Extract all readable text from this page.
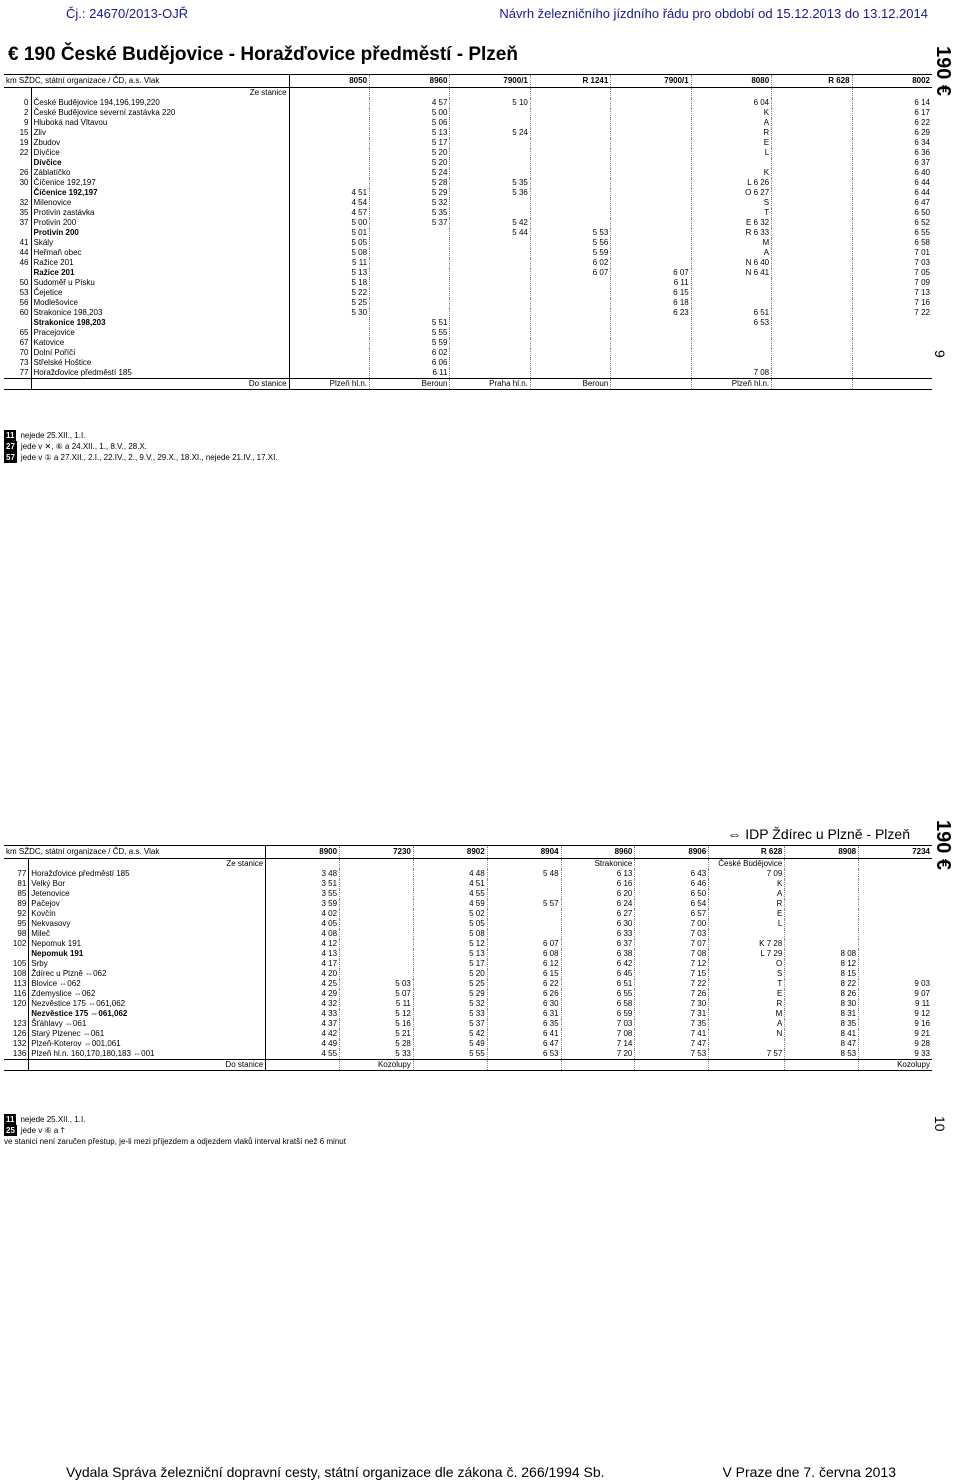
Čj.: 24670/2013-OJŘ	Návrh železničního jízdního řádu pro období od 15.12.2013 do 13.12.2014
€ 190 České Budějovice - Horažďovice předměstí - Plzeň	190 €
9
190 €
10
⇔ IDP Ždírec u Plzně - Plzeň
km SŽDC, státní organizace / ČD, a.s. Vlak		8050	8960	7900/1	R 1241	7900/1	8080	R 628	8002
	Ze stanice								
0	České Budějovice 194,196,199,220		4 57	5 10			6 04		6 14
2	České Budějovice severní zastávka 220		5 00				K		6 17
9	Hluboká nad Vltavou		5 06				A		6 22
15	Zliv		5 13	5 24			R		6 29
19	Zbudov		5 17				E		6 34
22	Dívčice		5 20				L		6 36
	Dívčice		5 20						6 37
26	Záblatíčko		5 24				K		6 40
30	Číčenice 192,197		5 28	5 35			L 6 26		6 44
	Číčenice 192,197	4 51	5 29	5 36			O 6 27		6 44
32	Milenovice	4 54	5 32				S		6 47
35	Protivín zastávka	4 57	5 35				T		6 50
37	Protivín 200	5 00	5 37	5 42			E 6 32		6 52
	Protivín 200	5 01		5 44	5 53		R 6 33		6 55
41	Skály	5 05			5 56		M		6 58
44	Heřmaň obec	5 08			5 59		A		7 01
46	Ražice 201	5 11			6 02		N 6 40		7 03
	Ražice 201	5 13			6 07	6 07	N 6 41		7 05
50	Sudoměř u Písku	5 18				6 11			7 09
53	Čejetice	5 22				6 15			7 13
56	Modlešovice	5 25				6 18			7 16
60	Strakonice 198,203	5 30				6 23	6 51		7 22
	Strakonice 198,203		5 51				6 53		
65	Pracejovice		5 55						
67	Katovice		5 59						
70	Dolní Poříčí		6 02						
73	Střelské Hoštice		6 06						
77	Horažďovice předměstí 185		6 11				7 08		
	Do stanice	Plzeň hl.n.	Beroun	Praha hl.n.	Beroun		Plzeň hl.n.		
11 nejede 25.XII., 1.I.
27 jede v ✕, ⑥ a 24.XII., 1., 8.V., 28.X.
57 jede v ① a 27.XII., 2.I., 22.IV., 2., 9.V., 29.X., 18.XI., nejede 21.IV., 17.XI.
km SŽDC, státní organizace / ČD, a.s. Vlak		8900	7230	8902	8904	8960	8906	R 628	8908	7234
	Ze stanice					Strakonice		České Budějovice		
77	Horažďovice předměstí 185	3 48		4 48	5 48	6 13	6 43	7 09		
81	Velký Bor	3 51		4 51		6 16	6 46	K		
85	Jetenovice	3 55		4 55		6 20	6 50	A		
89	Pačejov	3 59		4 59	5 57	6 24	6 54	R		
92	Kovčín	4 02		5 02		6 27	6 57	E		
95	Nekvasovy	4 05		5 05		6 30	7 00	L		
98	Mileč	4 08		5 08		6 33	7 03			
102	Nepomuk 191	4 12		5 12	6 07	6 37	7 07	K 7 28		
	Nepomuk 191	4 13		5 13	6 08	6 38	7 08	L 7 29	8 08	
105	Srby	4 17		5 17	6 12	6 42	7 12	O	8 12	
108	Ždírec u Plzně ⇔062	4 20		5 20	6 15	6 45	7 15	S	8 15	
113	Blovice ⇔062	4 25	5 03	5 25	6 22	6 51	7 22	T	8 22	9 03
116	Zdemyslice ⇔062	4 29	5 07	5 29	6 26	6 55	7 26	E	8 26	9 07
120	Nezvěstice 175 ⇔061,062	4 32	5 11	5 32	6 30	6 58	7 30	R	8 30	9 11
	Nezvěstice 175 ⇔061,062	4 33	5 12	5 33	6 31	6 59	7 31	M	8 31	9 12
123	Šťáhlavy ⇔061	4 37	5 16	5 37	6 35	7 03	7 35	A	8 35	9 16
126	Starý Plzenec ⇔061	4 42	5 21	5 42	6 41	7 08	7 41	N	8 41	9 21
132	Plzeň-Koterov ⇔001,061	4 49	5 28	5 49	6 47	7 14	7 47		8 47	9 28
136	Plzeň hl.n. 160,170,180,183 ⇔001	4 55	5 33	5 55	6 53	7 20	7 53	7 57	8 53	9 33
	Do stanice		Kozolupy							Kozolupy
11 nejede 25.XII., 1.I.
25 jede v ⑥ a †
ve stanici není zaručen přestup, je-li mezi příjezdem a odjezdem vlaků interval kratší než 6 minut
Vydala Správa železniční dopravní cesty, státní organizace dle zákona č. 266/1994 Sb.	V Praze dne 7. června 2013
